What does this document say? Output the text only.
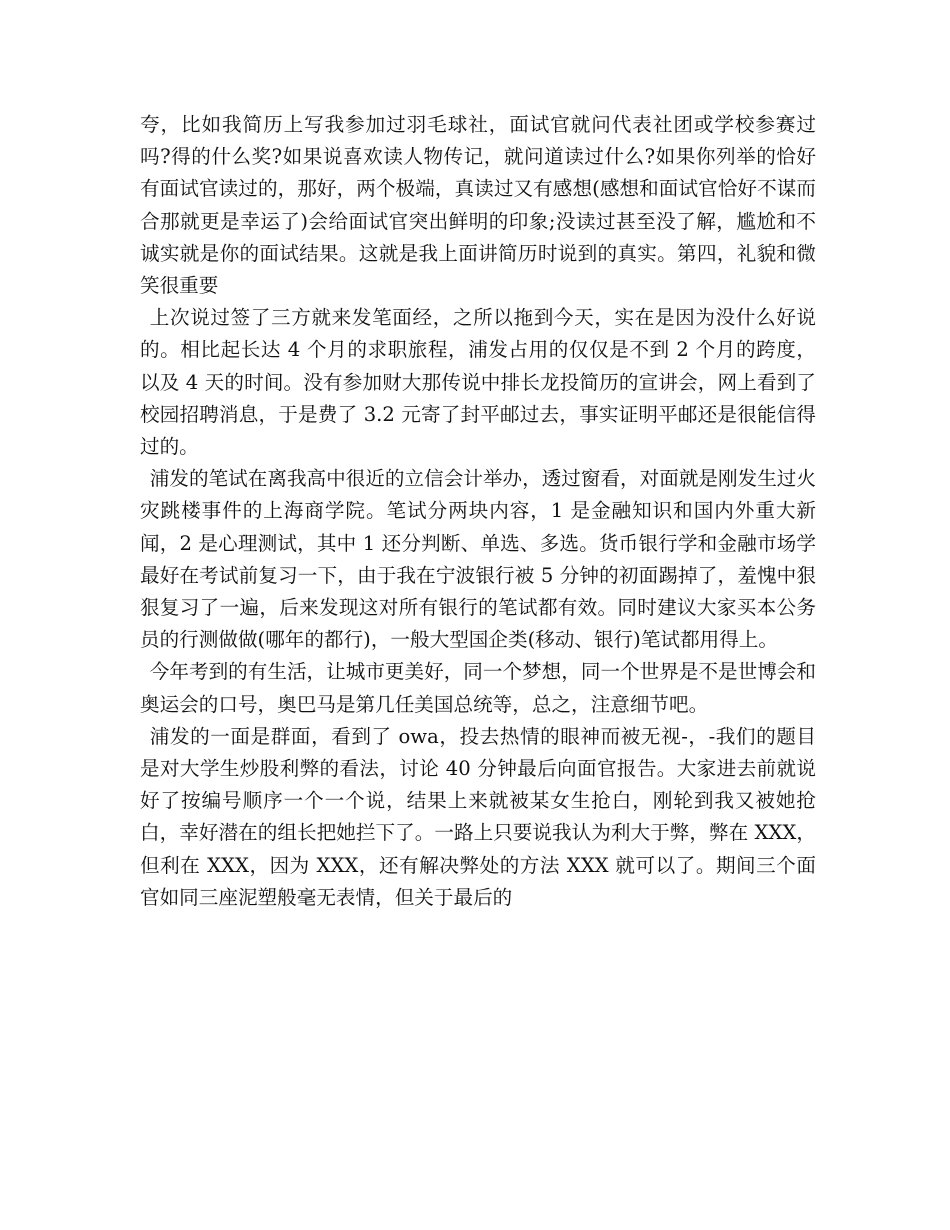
夸，比如我简历上写我参加过羽毛球社，面试官就问代表社团或学校参赛过吗?得的什么奖?如果说喜欢读人物传记，就问道读过什么?如果你列举的恰好有面试官读过的，那好，两个极端，真读过又有感想(感想和面试官恰好不谋而合那就更是幸运了)会给面试官突出鲜明的印象;没读过甚至没了解，尴尬和不诚实就是你的面试结果。这就是我上面讲简历时说到的真实。第四，礼貌和微笑很重要

上次说过签了三方就来发笔面经，之所以拖到今天，实在是因为没什么好说的。相比起长达 4 个月的求职旅程，浦发占用的仅仅是不到 2 个月的跨度，以及 4 天的时间。没有参加财大那传说中排长龙投简历的宣讲会，网上看到了校园招聘消息，于是费了 3.2 元寄了封平邮过去，事实证明平邮还是很能信得过的。

浦发的笔试在离我高中很近的立信会计举办，透过窗看，对面就是刚发生过火灾跳楼事件的上海商学院。笔试分两块内容，1 是金融知识和国内外重大新闻，2 是心理测试，其中 1 还分判断、单选、多选。货币银行学和金融市场学最好在考试前复习一下，由于我在宁波银行被 5 分钟的初面踢掉了，羞愧中狠狠复习了一遍，后来发现这对所有银行的笔试都有效。同时建议大家买本公务员的行测做做(哪年的都行)，一般大型国企类(移动、银行)笔试都用得上。

今年考到的有生活，让城市更美好，同一个梦想，同一个世界是不是世博会和奥运会的口号，奥巴马是第几任美国总统等，总之，注意细节吧。

浦发的一面是群面，看到了 owa，投去热情的眼神而被无视-，-我们的题目是对大学生炒股利弊的看法，讨论 40 分钟最后向面官报告。大家进去前就说好了按编号顺序一个一个说，结果上来就被某女生抢白，刚轮到我又被她抢白，幸好潜在的组长把她拦下了。一路上只要说我认为利大于弊，弊在 XXX，但利在 XXX，因为 XXX，还有解决弊处的方法 XXX 就可以了。期间三个面官如同三座泥塑般毫无表情，但关于最后的
